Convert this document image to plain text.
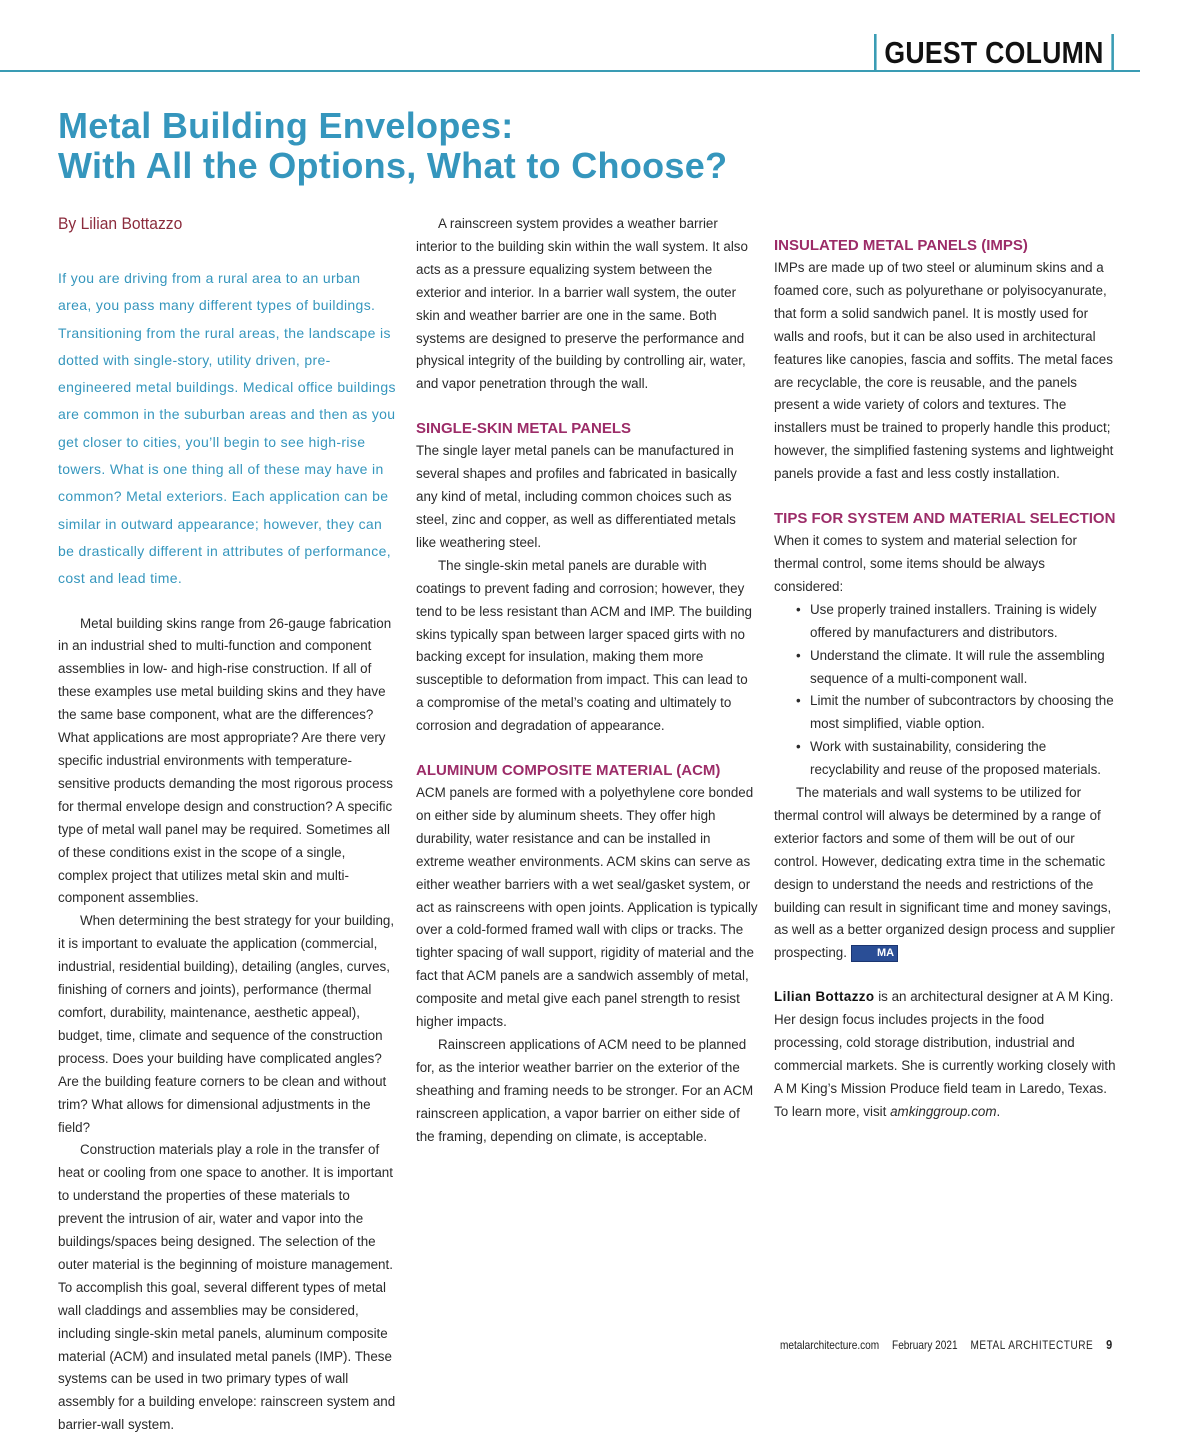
GUEST COLUMN
Metal Building Envelopes:
With All the Options, What to Choose?
By Lilian Bottazzo

If you are driving from a rural area to an urban area, you pass many different types of buildings. Transitioning from the rural areas, the landscape is dotted with single-story, utility driven, pre-engineered metal buildings. Medical office buildings are common in the suburban areas and then as you get closer to cities, you’ll begin to see high-rise towers. What is one thing all of these may have in common? Metal exteriors. Each application can be similar in outward appearance; however, they can be drastically different in attributes of performance, cost and lead time.

Metal building skins range from 26-gauge fabrication in an industrial shed to multi-function and component assemblies in low- and high-rise construction. If all of these examples use metal building skins and they have the same base component, what are the differences? What applications are most appropriate? Are there very specific industrial environments with temperature-sensitive products demanding the most rigorous process for thermal envelope design and construction? A specific type of metal wall panel may be required. Sometimes all of these conditions exist in the scope of a single, complex project that utilizes metal skin and multi-component assemblies.

When determining the best strategy for your building, it is important to evaluate the application (commercial, industrial, residential building), detailing (angles, curves, finishing of corners and joints), performance (thermal comfort, durability, maintenance, aesthetic appeal), budget, time, climate and sequence of the construction process. Does your building have complicated angles? Are the building feature corners to be clean and without trim? What allows for dimensional adjustments in the field?

Construction materials play a role in the transfer of heat or cooling from one space to another. It is important to understand the properties of these materials to prevent the intrusion of air, water and vapor into the buildings/spaces being designed. The selection of the outer material is the beginning of moisture management. To accomplish this goal, several different types of metal wall claddings and assemblies may be considered, including single-skin metal panels, aluminum composite material (ACM) and insulated metal panels (IMP). These systems can be used in two primary types of wall assembly for a building envelope: rainscreen system and barrier-wall system.

A rainscreen system provides a weather barrier interior to the building skin within the wall system. It also acts as a pressure equalizing system between the exterior and interior. In a barrier wall system, the outer skin and weather barrier are one in the same. Both systems are designed to preserve the performance and physical integrity of the building by controlling air, water, and vapor penetration through the wall.

SINGLE-SKIN METAL PANELS

The single layer metal panels can be manufactured in several shapes and profiles and fabricated in basically any kind of metal, including common choices such as steel, zinc and copper, as well as differentiated metals like weathering steel.

The single-skin metal panels are durable with coatings to prevent fading and corrosion; however, they tend to be less resistant than ACM and IMP. The building skins typically span between larger spaced girts with no backing except for insulation, making them more susceptible to deformation from impact. This can lead to a compromise of the metal’s coating and ultimately to corrosion and degradation of appearance.

ALUMINUM COMPOSITE MATERIAL (ACM)

ACM panels are formed with a polyethylene core bonded on either side by aluminum sheets. They offer high durability, water resistance and can be installed in extreme weather environments. ACM skins can serve as either weather barriers with a wet seal/gasket system, or act as rainscreens with open joints. Application is typically over a cold-formed framed wall with clips or tracks. The tighter spacing of wall support, rigidity of material and the fact that ACM panels are a sandwich assembly of metal, composite and metal give each panel strength to resist higher impacts.

Rainscreen applications of ACM need to be planned for, as the interior weather barrier on the exterior of the sheathing and framing needs to be stronger. For an ACM rainscreen application, a vapor barrier on either side of the framing, depending on climate, is acceptable.

INSULATED METAL PANELS (IMPS)

IMPs are made up of two steel or aluminum skins and a foamed core, such as polyurethane or polyisocyanurate, that form a solid sandwich panel. It is mostly used for walls and roofs, but it can be also used in architectural features like canopies, fascia and soffits. The metal faces are recyclable, the core is reusable, and the panels present a wide variety of colors and textures. The installers must be trained to properly handle this product; however, the simplified fastening systems and lightweight panels provide a fast and less costly installation.

TIPS FOR SYSTEM AND MATERIAL SELECTION

When it comes to system and material selection for thermal control, some items should be always considered:

• Use properly trained installers. Training is widely offered by manufacturers and distributors.
• Understand the climate. It will rule the assembling sequence of a multi-component wall.
• Limit the number of subcontractors by choosing the most simplified, viable option.
• Work with sustainability, considering the recyclability and reuse of the proposed materials.

The materials and wall systems to be utilized for thermal control will always be determined by a range of exterior factors and some of them will be out of our control. However, dedicating extra time in the schematic design to understand the needs and restrictions of the building can result in significant time and money savings, as well as a better organized design process and supplier prospecting.	MA

Lilian Bottazzo is an architectural designer at A M King. Her design focus includes projects in the food processing, cold storage distribution, industrial and commercial markets. She is currently working closely with A M King’s Mission Produce field team in Laredo, Texas. To learn more, visit amkinggroup.com.

metalarchitecture.com February 2021 METAL ARCHITECTURE 9
